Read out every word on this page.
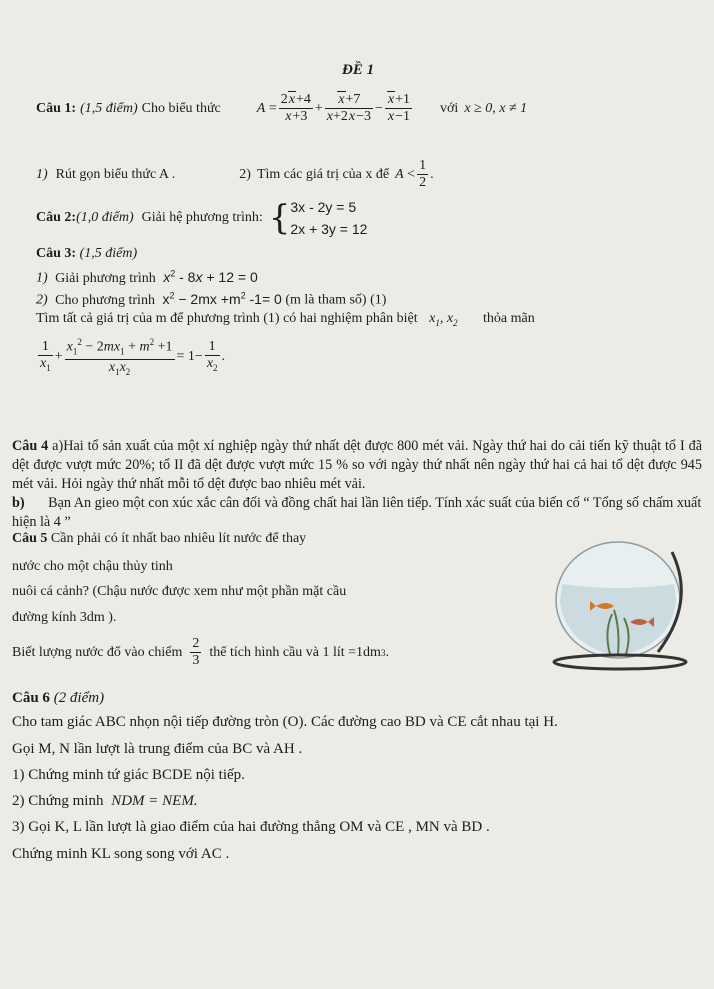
ĐỀ 1
Câu 1: (1,5 điểm) Cho biểu thức	$A = \frac{2x+4}{x+3} + \frac{x+7}{x+2x-3} - \frac{x+1}{x-1}$ với x ≥ 0, x ≠ 1
1) Rút gọn biểu thức A .	2) Tìm các giá trị của x để $A < \frac{1}{2}$ .
Câu 2: (1,0 điểm) Giải hệ phương trình: { 3x - 2y = 5
2x + 3y = 12
Câu 3: (1,5 điểm)
1) Giải phương trình $x^2 - 8x + 12 = 0$
2) Cho phương trình $x^2 - 2mx +m^2$ -1= 0 (m là tham số) (1)
Tìm tất cả giá trị của m để phương trình (1) có hai nghiệm phân biệt $x_1$, $x_2$ thỏa mãn
$\frac{1}{x_1} + \frac{x_1^2 - 2mx_1 + m^2 +1}{x_1x_2} = 1- \frac{1}{x_2}$ .
Câu 4 a)Hai tổ sản xuất của một xí nghiệp ngày thứ nhất dệt được 800 mét vải. Ngày thứ hai do cải tiến kỹ thuật tổ I đã dệt được vượt mức 20%; tổ II đã dệt được vượt mức 15 % so với ngày thứ nhất nên ngày thứ hai cả hai tổ dệt được 945 mét vải. Hỏi ngày thứ nhất mỗi tổ dệt được bao nhiêu mét vải.
b) Bạn An gieo một con xúc xắc cân đối và đồng chất hai lần liên tiếp. Tính xác suất của biến cố “ Tổng số chấm xuất hiện là 4 ”
Câu 5 Cần phải có ít nhất bao nhiêu lít nước để thay
nước cho một chậu thủy tinh
nuôi cá cảnh? (Chậu nước được xem như một phần mặt cầu
đường kính 3dm ).
Biết lượng nước đổ vào chiếm $\frac{2}{3}$ thể tích hình cầu và 1 lít =1dm 3 .
Câu 6 (2 điểm)
Cho tam giác ABC nhọn nội tiếp đường tròn (O). Các đường cao BD và CE cắt nhau tại H.
Gọi M, N lần lượt là trung điểm của BC và AH .
1) Chứng minh tứ giác BCDE nội tiếp.
2) Chứng minh NDM = NEM.
3) Gọi K, L lần lượt là giao điểm của hai đường thẳng OM và CE , MN và BD .
Chứng minh KL song song với AC .
